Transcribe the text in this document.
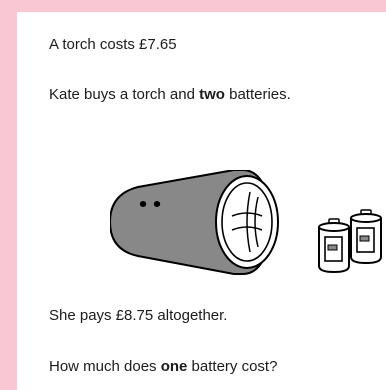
A torch costs £7.65

Kate buys a torch and two batteries.

She pays £8.75 altogether.

How much does one battery cost?
